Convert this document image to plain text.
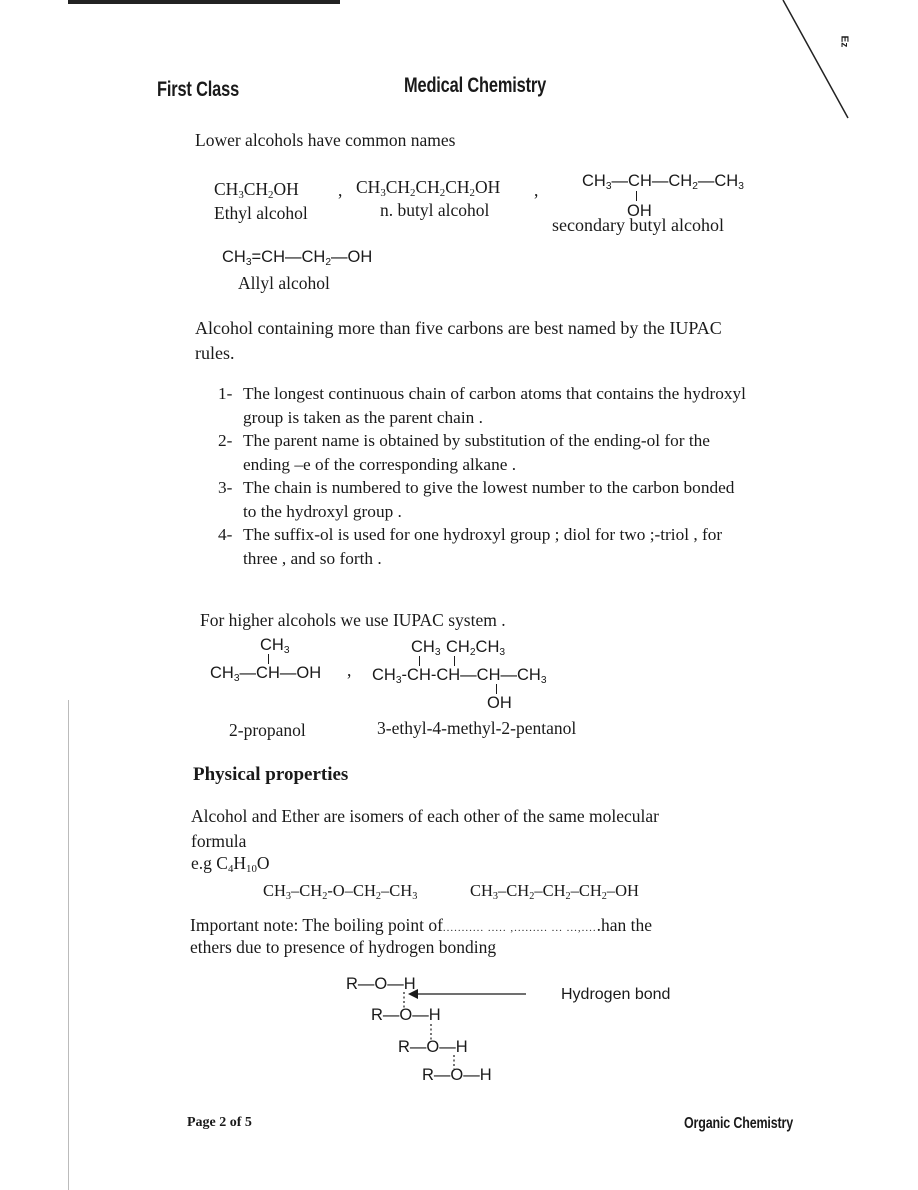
Ez
First Class	Medical Chemistry
Lower alcohols have common names
$CH_3CH_2OH$
Ethyl alcohol
, $CH_3CH_2CH_2CH_2OH$
n. butyl alcohol
,	$CH_3—CH—CH_2—CH_3$
OH
secondary butyl alcohol
$CH_3=CH—CH_2—OH$
Allyl alcohol
Alcohol containing more than five carbons are best named by the IUPAC
rules.
1- The longest continuous chain of carbon atoms that contains the hydroxyl group is taken as the parent chain .
2- The parent name is obtained by substitution of the ending-ol for the ending –e of the corresponding alkane .
3- The chain is numbered to give the lowest number to the carbon bonded to the hydroxyl group .
4- The suffix-ol is used for one hydroxyl group ; diol for two ;-triol , for three , and so forth .
For higher alcohols we use IUPAC system .
$CH_3$
$CH_3—CH—OH$ ,
2-propanol
$CH_3$ $CH_2CH_3$
$CH_3-CH-CH—CH—CH_3$
OH
3-ethyl-4-methyl-2-pentanol
Physical properties
Alcohol and Ether are isomers of each other of the same molecular
formula
e.g $C_4H_{10}O$
$CH_3-CH_2-O-CH_2-CH_3$	$CH_3-CH_2-CH_2-CH_2-OH$
Important note: The boiling point of........... ..... ,......... ... ...,.....han the
ethers due to presence of hydrogen bonding
R—O—H
R—O—H
R—O—H
R—O—H
Hydrogen bond
Page 2 of 5	Organic Chemistry
